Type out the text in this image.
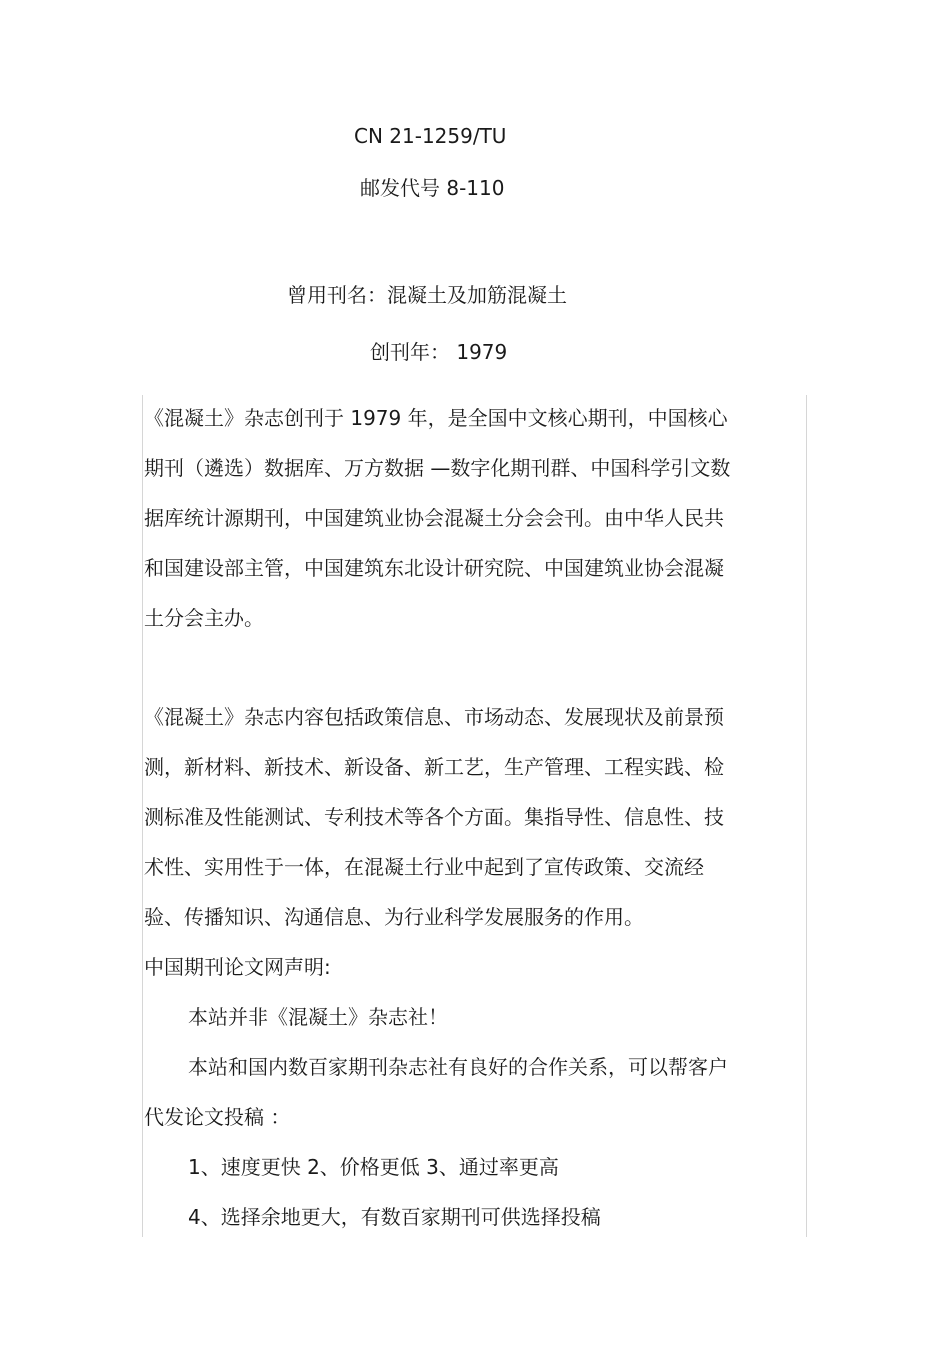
CN 21-1259/TU
邮发代号 8-110
曾用刊名：混凝土及加筋混凝土
创刊年： 1979
《混凝土》杂志创刊于 1979 年，是全国中文核心期刊，中国核心
期刊（遴选）数据库、万方数据 —数字化期刊群、中国科学引文数
据库统计源期刊，中国建筑业协会混凝土分会会刊。由中华人民共
和国建设部主管，中国建筑东北设计研究院、中国建筑业协会混凝
土分会主办。
《混凝土》杂志内容包括政策信息、市场动态、发展现状及前景预
测，新材料、新技术、新设备、新工艺，生产管理、工程实践、检
测标准及性能测试、专利技术等各个方面。集指导性、信息性、技
术性、实用性于一体，在混凝土行业中起到了宣传政策、交流经
验、传播知识、沟通信息、为行业科学发展服务的作用。
中国期刊论文网声明:
本站并非《混凝土》杂志社！
本站和国内数百家期刊杂志社有良好的合作关系，可以帮客户
代发论文投稿 ：
1、速度更快 2、价格更低 3、通过率更高
4、选择余地更大，有数百家期刊可供选择投稿
